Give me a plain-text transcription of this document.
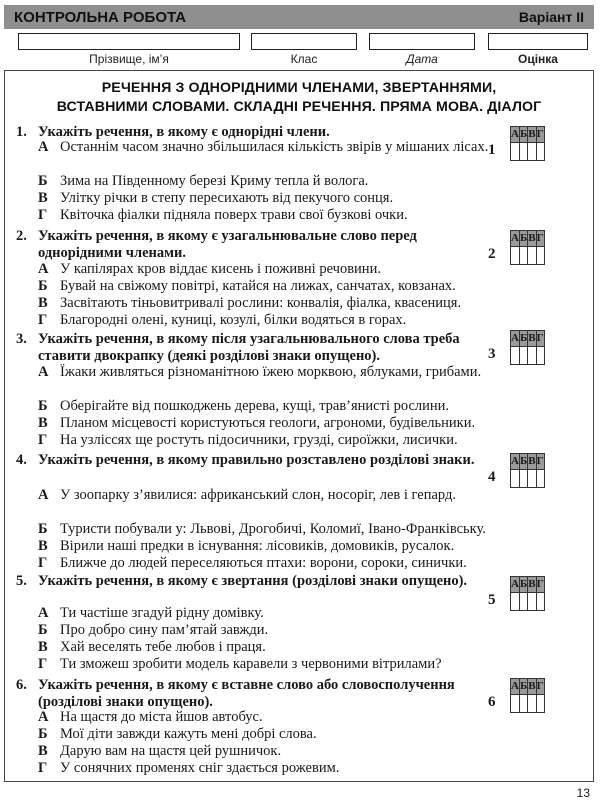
КОНТРОЛЬНА РОБОТА	Варіант ІІ
Прізвище, ім’я	Клас	Дата	Оцінка
РЕЧЕННЯ З ОДНОРІДНИМИ ЧЛЕНАМИ, ЗВЕРТАННЯМИ,
ВСТАВНИМИ СЛОВАМИ. СКЛАДНІ РЕЧЕННЯ. ПРЯМА МОВА. ДІАЛОГ
1. Укажіть речення, в якому є однорідні члени.
А Останнім часом значно збільшилася кількість звірів у мішаних лісах.
Б Зима на Південному березі Криму тепла й волога.
В Улітку річки в степу пересихають від пекучого сонця.
Г Квіточка фіалки підняла поверх трави свої бузкові очки.
1
А	Б	В	Г

2. Укажіть речення, в якому є узагальнювальне слово перед однорідними членами.
А У капілярах кров віддає кисень і поживні речовини.
Б Бувай на свіжому повітрі, катайся на лижах, санчатах, ковзанах.
В Засвітають тіньовитривалі рослини: конвалія, фіалка, квасениця.
Г Благородні олені, куниці, козулі, білки водяться в горах.
2
А	Б	В	Г

3. Укажіть речення, в якому після узагальнювального слова треба ставити двокрапку (деякі розділові знаки опущено).
А Їжаки живляться різноманітною їжею морквою, яблуками, грибами.
Б Оберігайте від пошкоджень дерева, кущі, трав’янисті рослини.
В Планом місцевості користуються геологи, агрономи, будівельники.
Г На узліссях ще ростуть підосичники, грузді, сироїжки, лисички.
3
А	Б	В	Г

4. Укажіть речення, в якому правильно розставлено розділові знаки.
А У зоопарку з’явилися: африканський слон, носоріг, лев і гепард.
Б Туристи побували у: Львові, Дрогобичі, Коломиї, Івано-Франківську.
В Вірили наші предки в існування: лісовиків, домовиків, русалок.
Г Ближче до людей переселяються птахи: ворони, сороки, синички.
4
А	Б	В	Г

5. Укажіть речення, в якому є звертання (розділові знаки опущено).
А Ти частіше згадуй рідну домівку.
Б Про добро сину пам’ятай завжди.
В Хай веселять тебе любов і праця.
Г Ти зможеш зробити модель каравели з червоними вітрилами?
5
А	Б	В	Г

6. Укажіть речення, в якому є вставне слово або словосполучення (розділові знаки опущено).
А На щастя до міста йшов автобус.
Б Мої діти завжди кажуть мені добрі слова.
В Дарую вам на щастя цей рушничок.
Г У сонячних променях сніг здається рожевим.
6
А	Б	В	Г

13
